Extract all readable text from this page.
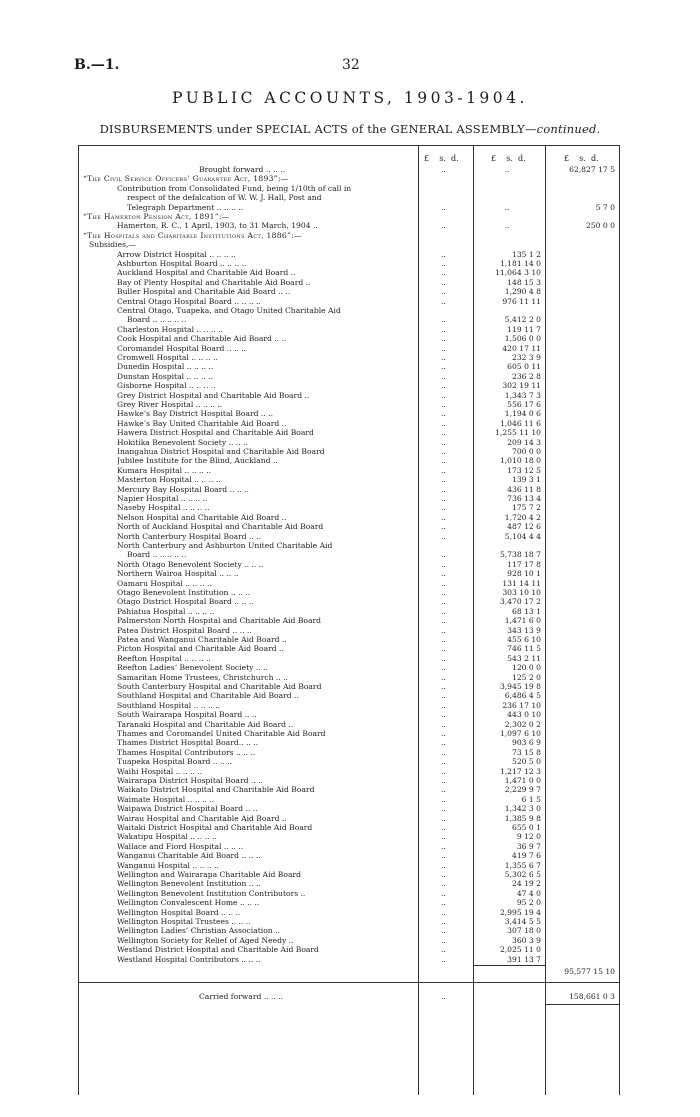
B.—1.	32
PUBLIC ACCOUNTS, 1903-1904.
DISBURSEMENTS under SPECIAL ACTS of the GENERAL ASSEMBLY—continued.
£    s.  d.	£    s.  d.	£    s.  d.
Brought forward .. .. ..	..	..	62,827 17 5
“The Civil Service Officers’ Guarantee Act, 1893”:—
Contribution from Consolidated Fund, being 1/10th of call in
respect of the defalcation of W. W. J. Hall, Post and
Telegraph Department .. .. .. ..	..	..	5 7 0
“The Hamerton Pension Act, 1891”:—
Hamerton, R. C., 1 April, 1903, to 31 March, 1904 ..	..	..	250 0 0
“The Hospitals and Charitable Institutions Act, 1886”:—
Subsidies,—
Arrow District Hospital .. .. .. ..	..	135 1 2
Ashburton Hospital Board .. .. .. ..	..	1,181 14 0
Auckland Hospital and Charitable Aid Board ..	..	11,064 3 10
Bay of Plenty Hospital and Charitable Aid Board ..	..	148 15 3
Buller Hospital and Charitable Aid Board .. ..	..	1,290 4 8
Central Otago Hospital Board .. .. .. ..	..	976 11 11
Central Otago, Tuapeka, and Otago United Charitable Aid
Board .. .. .. .. ..	..	5,412 2 0
Charleston Hospital .. .. .. ..	..	119 11 7
Cook Hospital and Charitable Aid Board .. ..	..	1,506 0 0
Coromandel Hospital Board .. .. ..	..	420 17 11
Cromwell Hospital .. .. .. ..	..	232 3 9
Dunedin Hospital .. .. .. ..	..	605 0 11
Dunstan Hospital .. .. .. ..	..	236 2 8
Gisborne Hospital .. .. .. ..	..	302 19 11
Grey District Hospital and Charitable Aid Board ..	..	1,343 7 3
Grey River Hospital .. .. .. ..	..	556 17 6
Hawke’s Bay District Hospital Board .. ..	..	1,194 0 6
Hawke’s Bay United Charitable Aid Board ..	..	1,046 11 6
Hawera District Hospital and Charitable Aid Board	..	1,255 11 10
Hokitika Benevolent Society .. .. ..	..	209 14 3
Inangahua District Hospital and Charitable Aid Board	..	700 0 0
Jubilee Institute for the Blind, Auckland ..	..	1,010 18 0
Kumara Hospital .. .. .. ..	..	173 12 5
Masterton Hospital .. .. .. ..	..	139 3 1
Mercury Bay Hospital Board .. .. ..	..	436 11 8
Napier Hospital .. .. .. ..	..	736 13 4
Naseby Hospital .. .. .. ..	..	175 7 2
Nelson Hospital and Charitable Aid Board ..	..	1,720 4 2
North of Auckland Hospital and Charitable Aid Board	..	487 12 6
North Canterbury Hospital Board .. ..	..	5,104 4 4
North Canterbury and Ashburton United Charitable Aid
Board .. .. .. .. ..	..	5,738 18 7
North Otago Benevolent Society .. .. ..	..	117 17 8
Northern Wairoa Hospital .. .. ..	..	928 10 1
Oamaru Hospital .. .. .. ..	..	131 14 11
Otago Benevolent Institution .. .. ..	..	303 10 10
Otago District Hospital Board .. .. ..	..	3,470 17 2
Pahiatua Hospital .. .. .. ..	..	68 13 1
Palmerston North Hospital and Charitable Aid Board	..	1,471 6 0
Patea District Hospital Board .. .. ..	..	343 13 9
Patea and Wanganui Charitable Aid Board ..	..	455 6 10
Picton Hospital and Charitable Aid Board ..	..	746 11 5
Reefton Hospital .. .. .. ..	..	543 2 11
Reefton Ladies’ Benevolent Society .. ..	..	120 0 0
Samaritan Home Trustees, Christchurch .. ..	..	125 2 0
South Canterbury Hospital and Charitable Aid Board	..	3,945 19 8
Southland Hospital and Charitable Aid Board ..	..	6,486 4 5
Southland Hospital .. .. .. ..	..	236 17 10
South Wairarapa Hospital Board .. ..	..	443 0 10
Taranaki Hospital and Charitable Aid Board ..	..	2,302 0 2
Thames and Coromandel United Charitable Aid Board	..	1,097 6 10
Thames District Hospital Board.. .. ..	..	903 6 9
Thames Hospital Contributors .. .. ..	..	73 15 8
Tuapeka Hospital Board .. .. ..	..	520 5 0
Waihi Hospital .. .. .. ..	..	1,217 12 3
Wairarapa District Hospital Board .. ..	..	1,471 0 0
Waikato District Hospital and Charitable Aid Board	..	2,229 9 7
Waimate Hospital .. .. .. ..	..	6 1 5
Waipawa District Hospital Board .. ..	..	1,342 3 0
Wairau Hospital and Charitable Aid Board ..	..	1,385 9 8
Waitaki District Hospital and Charitable Aid Board	..	655 0 1
Wakatipu Hospital .. .. .. ..	..	9 12 0
Wallace and Fiord Hospital .. .. ..	..	36 9 7
Wanganui Charitable Aid Board .. .. ..	..	419 7 6
Wanganui Hospital .. .. .. ..	..	1,355 6 7
Wellington and Wairarapa Charitable Aid Board	..	5,302 6 5
Wellington Benevolent Institution .. ..	..	24 19 2
Wellington Benevolent Institution Contributors ..	..	47 4 0
Wellington Convalescent Home .. .. ..	..	95 2 0
Wellington Hospital Board .. .. ..	..	2,995 19 4
Wellington Hospital Trustees .. .. ..	..	3,414 5 5
Wellington Ladies’ Christian Association ..	..	307 18 0
Wellington Society for Relief of Aged Needy ..	..	360 3 9
Westland District Hospital and Charitable Aid Board	..	2,025 11 0
Westland Hospital Contributors .. .. ..	..	391 13 7
95,577 15 10
Carried forward .. .. ..	..	158,661 0 3
